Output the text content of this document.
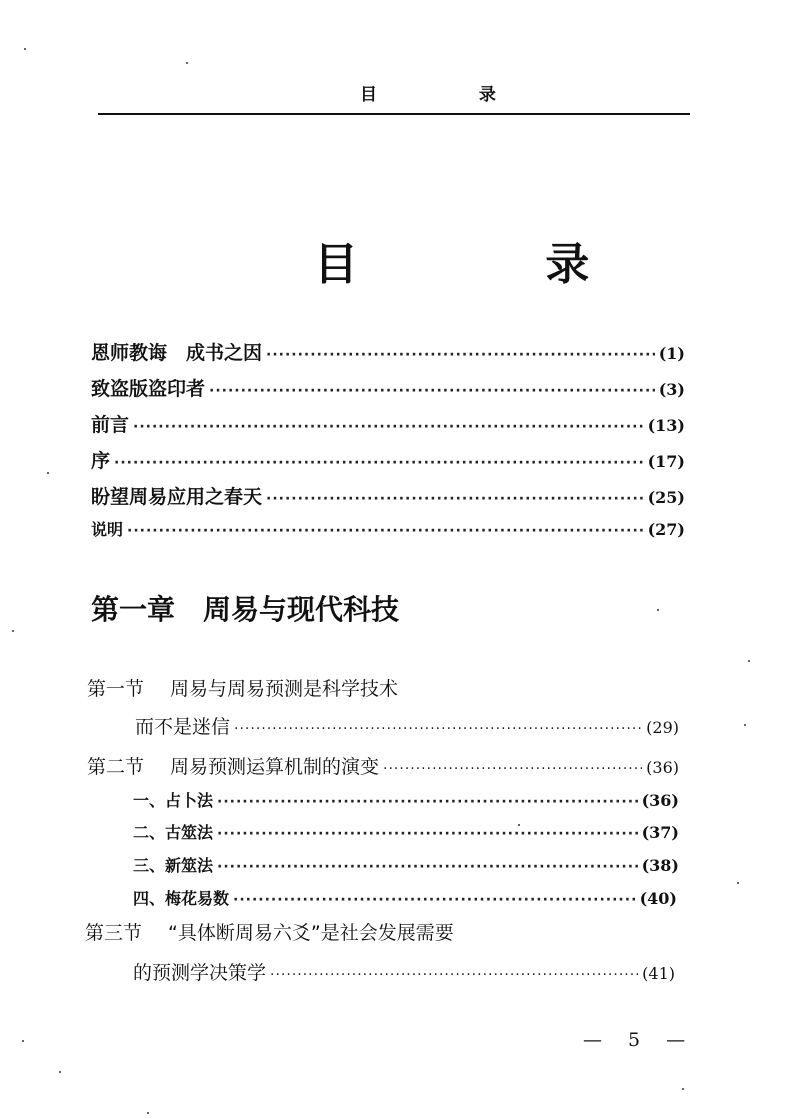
目 录
目 录
恩师教诲　成书之因 ·····	(1)
致盗版盗印者 ·····	(3)
前言 ·····	(13)
序 ·····	(17)
盼望周易应用之春天 ·····	(25)
说明 ·····	(27)
第一章 周易与现代科技
第一节 周易与周易预测是科学技术
而不是迷信 ·····	(29)
第二节 周易预测运算机制的演变 ·····	(36)
一、占卜法 ·····	(36)
二、古筮法 ·····	(37)
三、新筮法 ·····	(38)
四、梅花易数 ·····	(40)
第三节 “具体断周易六爻”是社会发展需要
的预测学决策学 ·····	(41)
— 5 —
